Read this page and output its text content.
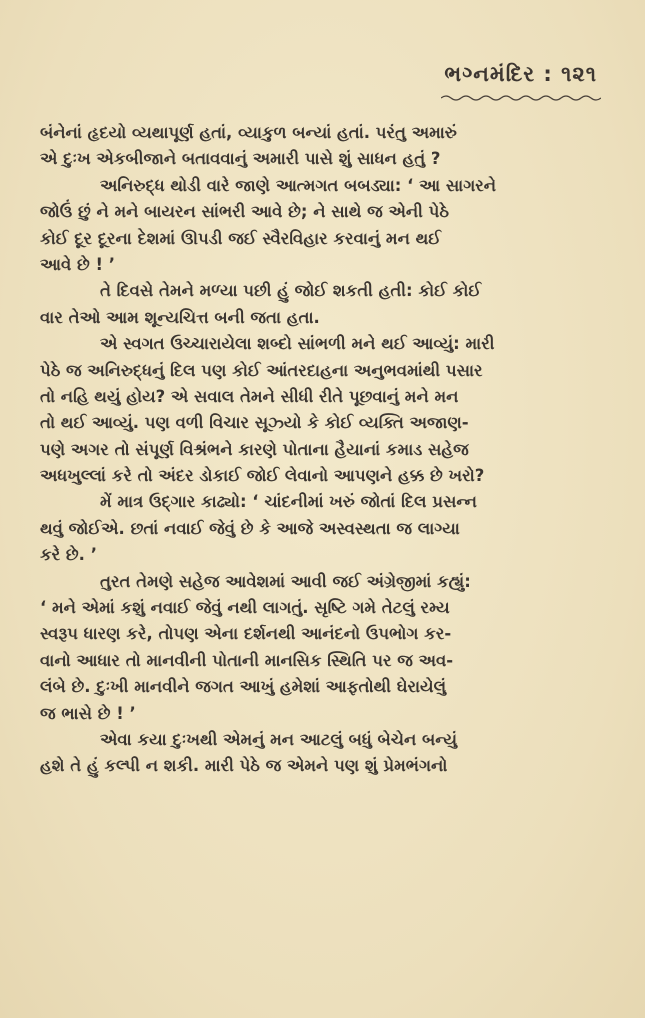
ભગ્નમંદિર : ૧૨૧
બંનેનાં હૃદયો વ્યથાપૂર્ણ હતાં, વ્યાકુળ બન્યાં હતાં. પરંતુ અમારું
એ દુઃખ એકબીજાને બતાવવાનું અમારી પાસે શું સાધન હતું ?
અનિરુદ્ધ થોડી વારે જાણે આત્મગત બબડ્યા: ‘ આ સાગરને
જોઉં છું ને મને બાયરન સાંભરી આવે છે; ને સાથે જ એની પેઠે
કોઈ દૂર દૂરના દેશમાં ઊપડી જઈ સ્વૈરવિહાર કરવાનું મન થઈ
આવે છે ! ’
તે દિવસે તેમને મળ્યા પછી હું જોઈ શકતી હતી: કોઈ કોઈ
વાર તેઓ આમ શૂન્યચિત્ત બની જતા હતા.
એ સ્વગત ઉચ્ચારાયેલા શબ્દો સાંભળી મને થઈ આવ્યું: મારી
પેઠે જ અનિરુદ્ધનું દિલ પણ કોઈ આંતરદાહના અનુભવમાંથી પસાર
તો નહિ થયું હોય? એ સવાલ તેમને સીધી રીતે પૂછવાનું મને મન
તો થઈ આવ્યું. પણ વળી વિચાર સૂઝ્યો કે કોઈ વ્યક્તિ અજાણ-
પણે અગર તો સંપૂર્ણ વિશ્રંભને કારણે પોતાના હૈયાનાં કમાડ સહેજ
અધખુલ્લાં કરે તો અંદર ડોકાઈ જોઈ લેવાનો આપણને હક્ક છે ખરો?
મેં માત્ર ઉદ્ગાર કાઢ્યો: ‘ ચાંદનીમાં ખરું જોતાં દિલ પ્રસન્ન
થવું જોઈએ. છતાં નવાઈ જેવું છે કે આજે અસ્વસ્થતા જ લાગ્યા
કરે છે. ’
તુરત તેમણે સહેજ આવેશમાં આવી જઈ અંગ્રેજીમાં કહ્યું:
‘ મને એમાં કશું નવાઈ જેવું નથી લાગતું. સૃષ્ટિ ગમે તેટલું રમ્ય
સ્વરૂપ ધારણ કરે, તોપણ એના દર્શનથી આનંદનો ઉપભોગ કર-
વાનો આધાર તો માનવીની પોતાની માનસિક સ્થિતિ પર જ અવ-
લંબે છે. દુઃખી માનવીને જગત આખું હમેશાં આફતોથી ઘેરાયેલું
જ ભાસે છે ! ’
એવા કયા દુઃખથી એમનું મન આટલું બધું બેચેન બન્યું
હશે તે હું કલ્પી ન શકી. મારી પેઠે જ એમને પણ શું પ્રેમભંગનો
